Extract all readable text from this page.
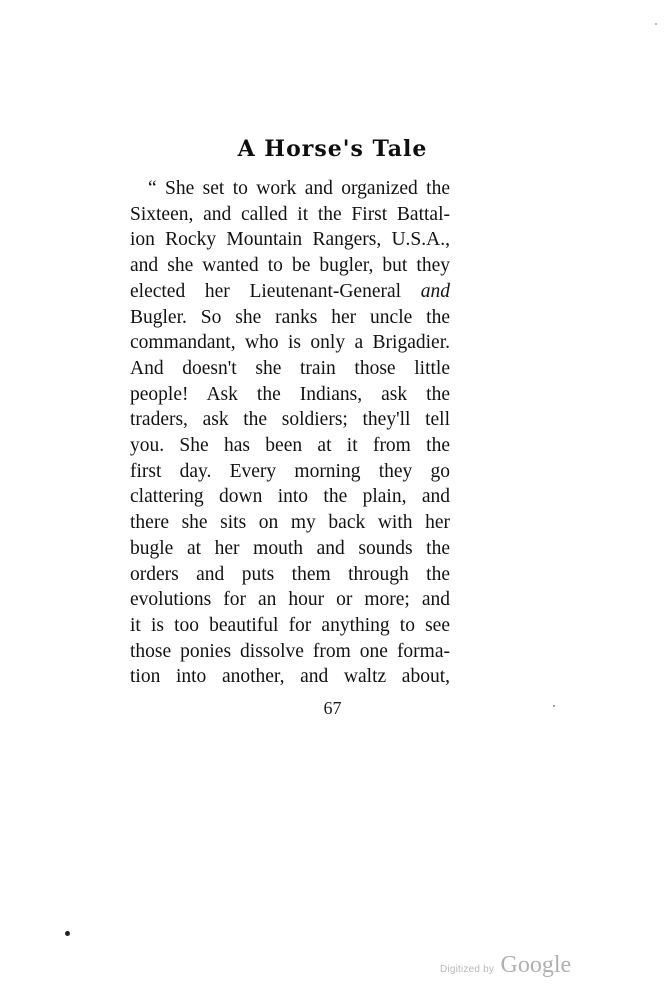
A Horse's Tale
“ She set to work and organized the
Sixteen, and called it the First Battal-
ion Rocky Mountain Rangers, U.S.A.,
and she wanted to be bugler, but they
elected her Lieutenant-General and
Bugler. So she ranks her uncle the
commandant, who is only a Brigadier.
And doesn't she train those little
people! Ask the Indians, ask the
traders, ask the soldiers; they'll tell
you. She has been at it from the
first day. Every morning they go
clattering down into the plain, and
there she sits on my back with her
bugle at her mouth and sounds the
orders and puts them through the
evolutions for an hour or more; and
it is too beautiful for anything to see
those ponies dissolve from one forma-
tion into another, and waltz about,
67
Digitized by Google
